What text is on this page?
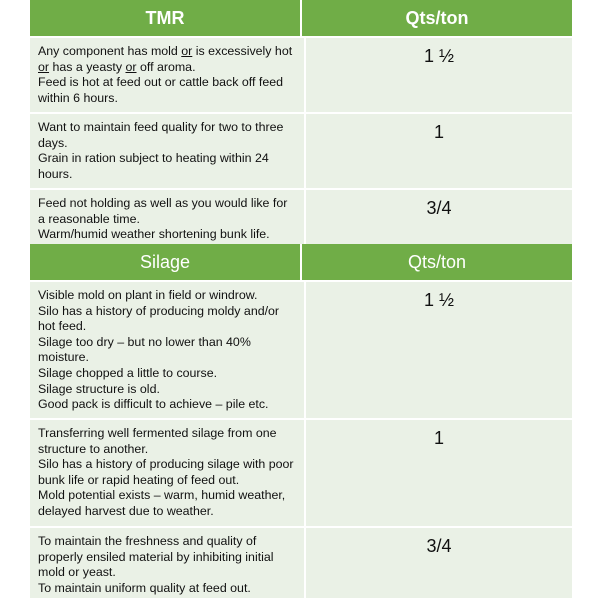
TMR	Qts/ton
Any component has mold or is excessively hot
or has a yeasty or off aroma.
Feed is hot at feed out or cattle back off feed
within 6 hours.
1 ½
Want to maintain feed quality for two to three
days.
Grain in ration subject to heating within 24
hours.
1
Feed not holding as well as you would like for
a reasonable time.
Warm/humid weather shortening bunk life.
3/4
Silage	Qts/ton
Visible mold on plant in field or windrow.
Silo has a history of producing moldy and/or
hot feed.
Silage too dry – but no lower than 40%
moisture.
Silage chopped a little to course.
Silage structure is old.
Good pack is difficult to achieve – pile etc.
1 ½
Transferring well fermented silage from one
structure to another.
Silo has a history of producing silage with poor
bunk life or rapid heating of feed out.
Mold potential exists – warm, humid weather,
delayed harvest due to weather.
1
To maintain the freshness and quality of
properly ensiled material by inhibiting initial
mold or yeast.
To maintain uniform quality at feed out.
3/4
